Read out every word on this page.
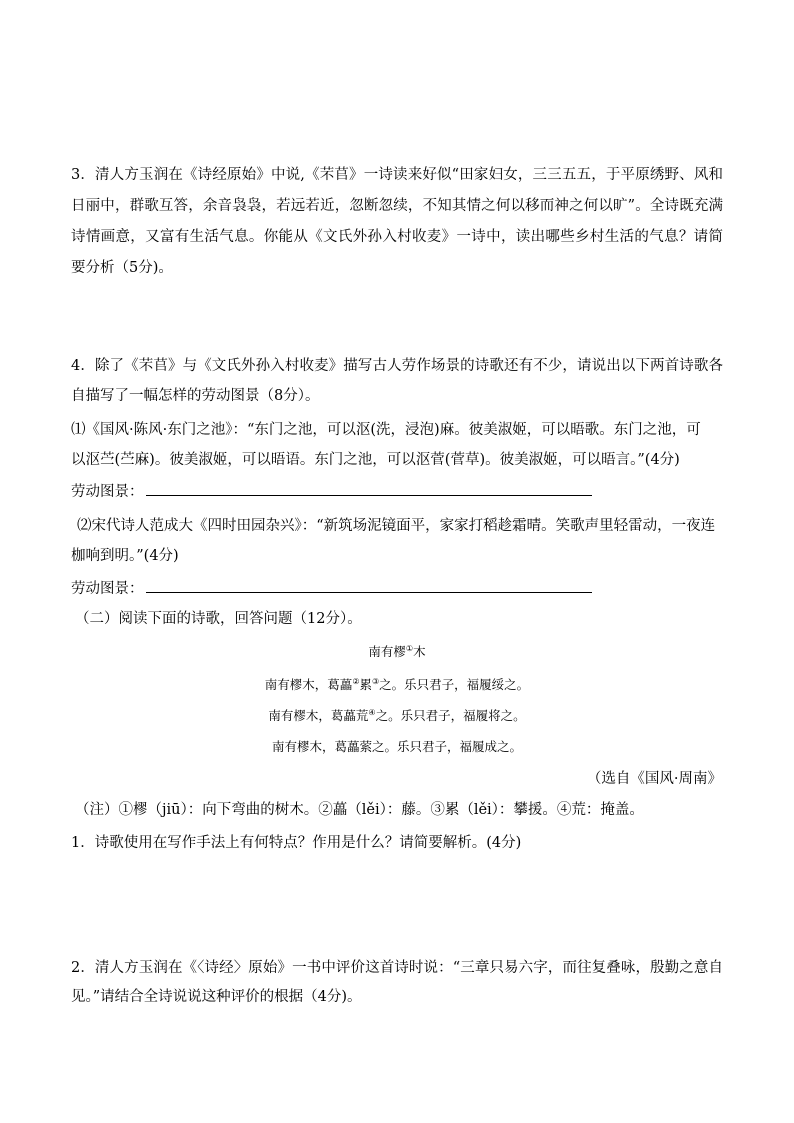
3．清人方玉润在《诗经原始》中说,《芣苢》一诗读来好似“田家妇女，三三五五，于平原绣野、风和日丽中，群歌互答，余音袅袅，若远若近，忽断忽续，不知其情之何以移而神之何以旷”。全诗既充满诗情画意，又富有生活气息。你能从《文氏外孙入村收麦》一诗中，读出哪些乡村生活的气息？请简要分析（5分)。

4．除了《芣苢》与《文氏外孙入村收麦》描写古人劳作场景的诗歌还有不少，请说出以下两首诗歌各自描写了一幅怎样的劳动图景（8分）。

⑴《国风·陈风·东门之池》：“东门之池，可以沤(洗，浸泡)麻。彼美淑姬，可以晤歌。东门之池，可

以沤苎(苎麻)。彼美淑姬，可以晤语。东门之池，可以沤菅(菅草)。彼美淑姬，可以晤言。”(4分)

劳动图景：

⑵宋代诗人范成大《四时田园杂兴》：“新筑场泥镜面平，家家打稻趁霜晴。笑歌声里轻雷动，一夜连

枷响到明。”(4分)

劳动图景：

（二）阅读下面的诗歌，回答问题（12分）。

南有樛①木

南有樛木，葛藟②累③之。乐只君子，福履绥之。

南有樛木，葛藟荒④之。乐只君子，福履将之。

南有樛木，葛藟萦之。乐只君子，福履成之。

（选自《国风·周南》

（注）①樛（jiū）：向下弯曲的树木。②藟（lěi）：藤。③累（lěi）：攀援。④荒：掩盖。

1．诗歌使用在写作手法上有何特点？作用是什么？请简要解析。(4分)

2．清人方玉润在《〈诗经〉原始》一书中评价这首诗时说：“三章只易六字，而往复叠咏，殷勤之意自见。”请结合全诗说说这种评价的根据（4分)。
